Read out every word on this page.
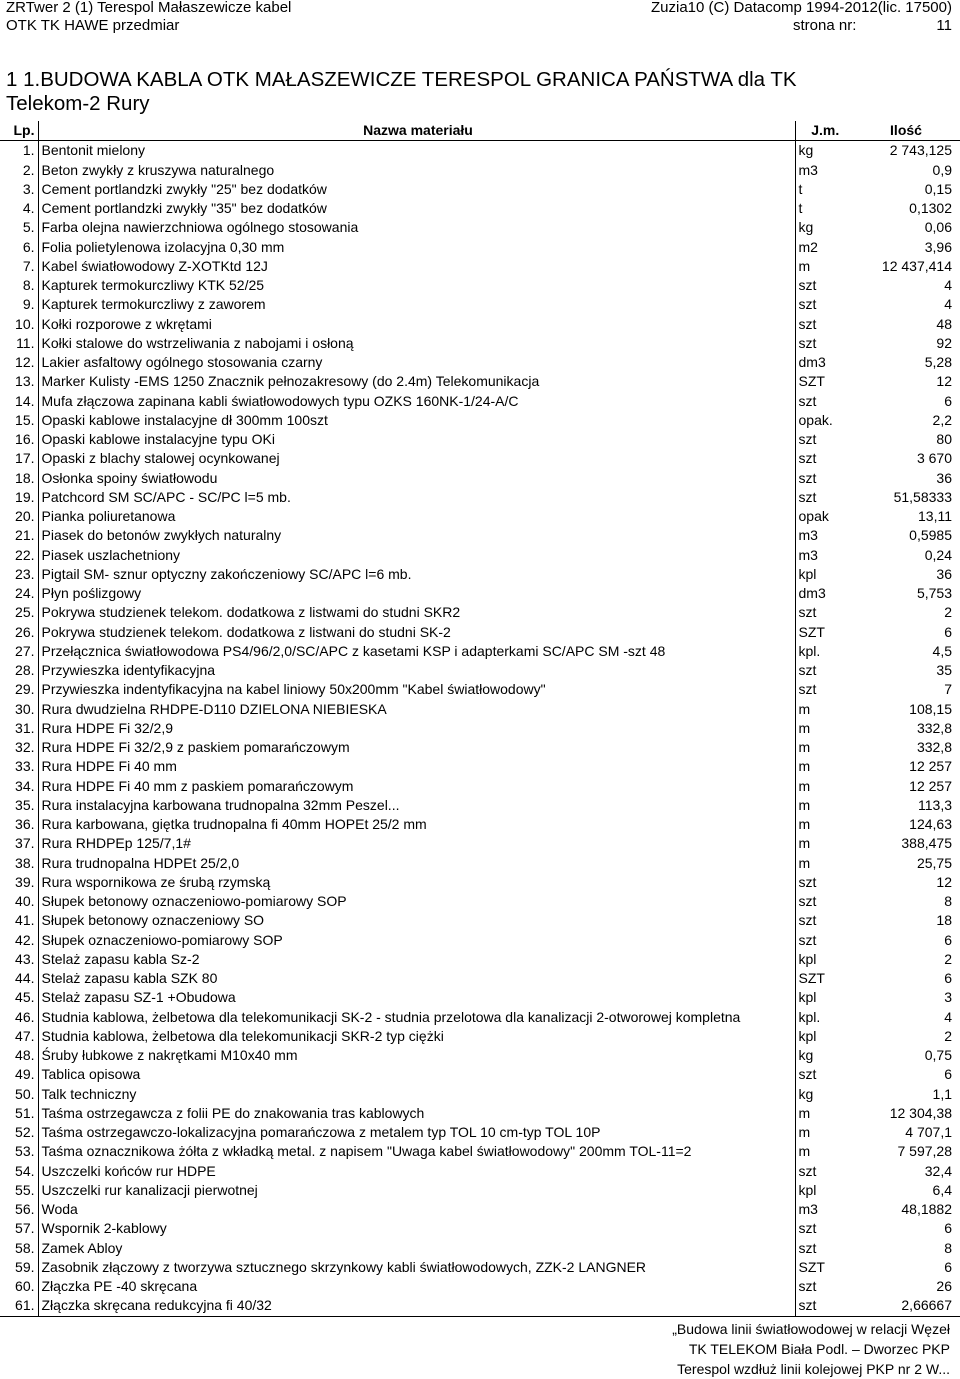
ZRTwer 2 (1) Terespol Małaszewicze kabel
OTK TK HAWE przedmiar
Zuzia10 (C) Datacomp 1994-2012(lic. 17500)
strona nr:	11
1 1.BUDOWA KABLA OTK MAŁASZEWICZE TERESPOL GRANICA PAŃSTWA dla TK
Telekom-2 Rury
Lp.	Nazwa materiału	J.m.	Ilość
1.	Bentonit mielony	kg	2 743,125
2.	Beton zwykły z kruszywa naturalnego	m3	0,9
3.	Cement portlandzki zwykły "25" bez dodatków	t	0,15
4.	Cement portlandzki zwykły "35" bez dodatków	t	0,1302
5.	Farba olejna nawierzchniowa ogólnego stosowania	kg	0,06
6.	Folia polietylenowa izolacyjna 0,30 mm	m2	3,96
7.	Kabel światłowodowy Z-XOTKtd 12J	m	12 437,414
8.	Kapturek termokurczliwy KTK 52/25	szt	4
9.	Kapturek termokurczliwy z zaworem	szt	4
10.	Kołki rozporowe z wkrętami	szt	48
11.	Kołki stalowe do wstrzeliwania z nabojami i osłoną	szt	92
12.	Lakier asfaltowy ogólnego stosowania czarny	dm3	5,28
13.	Marker Kulisty -EMS 1250 Znacznik pełnozakresowy (do 2.4m) Telekomunikacja	SZT	12
14.	Mufa złączowa zapinana kabli światłowodowych typu OZKS 160NK-1/24-A/C	szt	6
15.	Opaski kablowe instalacyjne dł 300mm 100szt	opak.	2,2
16.	Opaski kablowe instalacyjne typu OKi	szt	80
17.	Opaski z blachy stalowej ocynkowanej	szt	3 670
18.	Osłonka spoiny światłowodu	szt	36
19.	Patchcord SM SC/APC - SC/PC l=5 mb.	szt	51,58333
20.	Pianka poliuretanowa	opak	13,11
21.	Piasek do betonów zwykłych naturalny	m3	0,5985
22.	Piasek uszlachetniony	m3	0,24
23.	Pigtail SM- sznur optyczny zakończeniowy SC/APC l=6 mb.	kpl	36
24.	Płyn poślizgowy	dm3	5,753
25.	Pokrywa studzienek telekom. dodatkowa z listwami do studni SKR2	szt	2
26.	Pokrywa studzienek telekom. dodatkowa z listwani do studni SK-2	SZT	6
27.	Przełącznica światłowodowa PS4/96/2,0/SC/APC z kasetami KSP i adapterkami SC/APC SM -szt 48	kpl.	4,5
28.	Przywieszka identyfikacyjna	szt	35
29.	Przywieszka indentyfikacyjna na kabel liniowy 50x200mm "Kabel światłowodowy"	szt	7
30.	Rura dwudzielna RHDPE-D110 DZIELONA NIEBIESKA	m	108,15
31.	Rura HDPE Fi 32/2,9	m	332,8
32.	Rura HDPE Fi 32/2,9 z paskiem pomarańczowym	m	332,8
33.	Rura HDPE Fi 40 mm	m	12 257
34.	Rura HDPE Fi 40 mm z paskiem pomarańczowym	m	12 257
35.	Rura instalacyjna karbowana trudnopalna 32mm Peszel...	m	113,3
36.	Rura karbowana, giętka trudnopalna fi 40mm HOPEt 25/2 mm	m	124,63
37.	Rura RHDPEp 125/7,1#	m	388,475
38.	Rura trudnopalna HDPEt 25/2,0	m	25,75
39.	Rura wspornikowa ze śrubą rzymską	szt	12
40.	Słupek betonowy oznaczeniowo-pomiarowy SOP	szt	8
41.	Słupek betonowy oznaczeniowy SO	szt	18
42.	Słupek oznaczeniowo-pomiarowy SOP	szt	6
43.	Stelaż zapasu kabla Sz-2	kpl	2
44.	Stelaż zapasu kabla SZK 80	SZT	6
45.	Stelaż zapasu SZ-1 +Obudowa	kpl	3
46.	Studnia kablowa, żelbetowa dla telekomunikacji SK-2 - studnia przelotowa dla kanalizacji 2-otworowej kompletna	kpl.	4
47.	Studnia kablowa, żelbetowa dla telekomunikacji SKR-2 typ ciężki	kpl	2
48.	Śruby łubkowe z nakrętkami M10x40 mm	kg	0,75
49.	Tablica opisowa	szt	6
50.	Talk techniczny	kg	1,1
51.	Taśma ostrzegawcza z folii PE do znakowania tras kablowych	m	12 304,38
52.	Taśma ostrzegawczo-lokalizacyjna pomarańczowa z metalem typ TOL 10 cm-typ TOL 10P	m	4 707,1
53.	Taśma oznacznikowa żółta z wkładką metal. z napisem "Uwaga kabel światłowodowy" 200mm TOL-11=2	m	7 597,28
54.	Uszczelki końców rur HDPE	szt	32,4
55.	Uszczelki rur kanalizacji pierwotnej	kpl	6,4
56.	Woda	m3	48,1882
57.	Wspornik 2-kablowy	szt	6
58.	Zamek Abloy	szt	8
59.	Zasobnik złączowy z tworzywa sztucznego skrzynkowy kabli światłowodowych, ZZK-2 LANGNER	SZT	6
60.	Złączka PE -40 skręcana	szt	26
61.	Złączka skręcana redukcyjna fi 40/32	szt	2,66667
„Budowa linii światłowodowej w relacji Węzeł
TK TELEKOM Biała Podl. – Dworzec PKP
Terespol wzdłuż linii kolejowej PKP nr 2 W...
